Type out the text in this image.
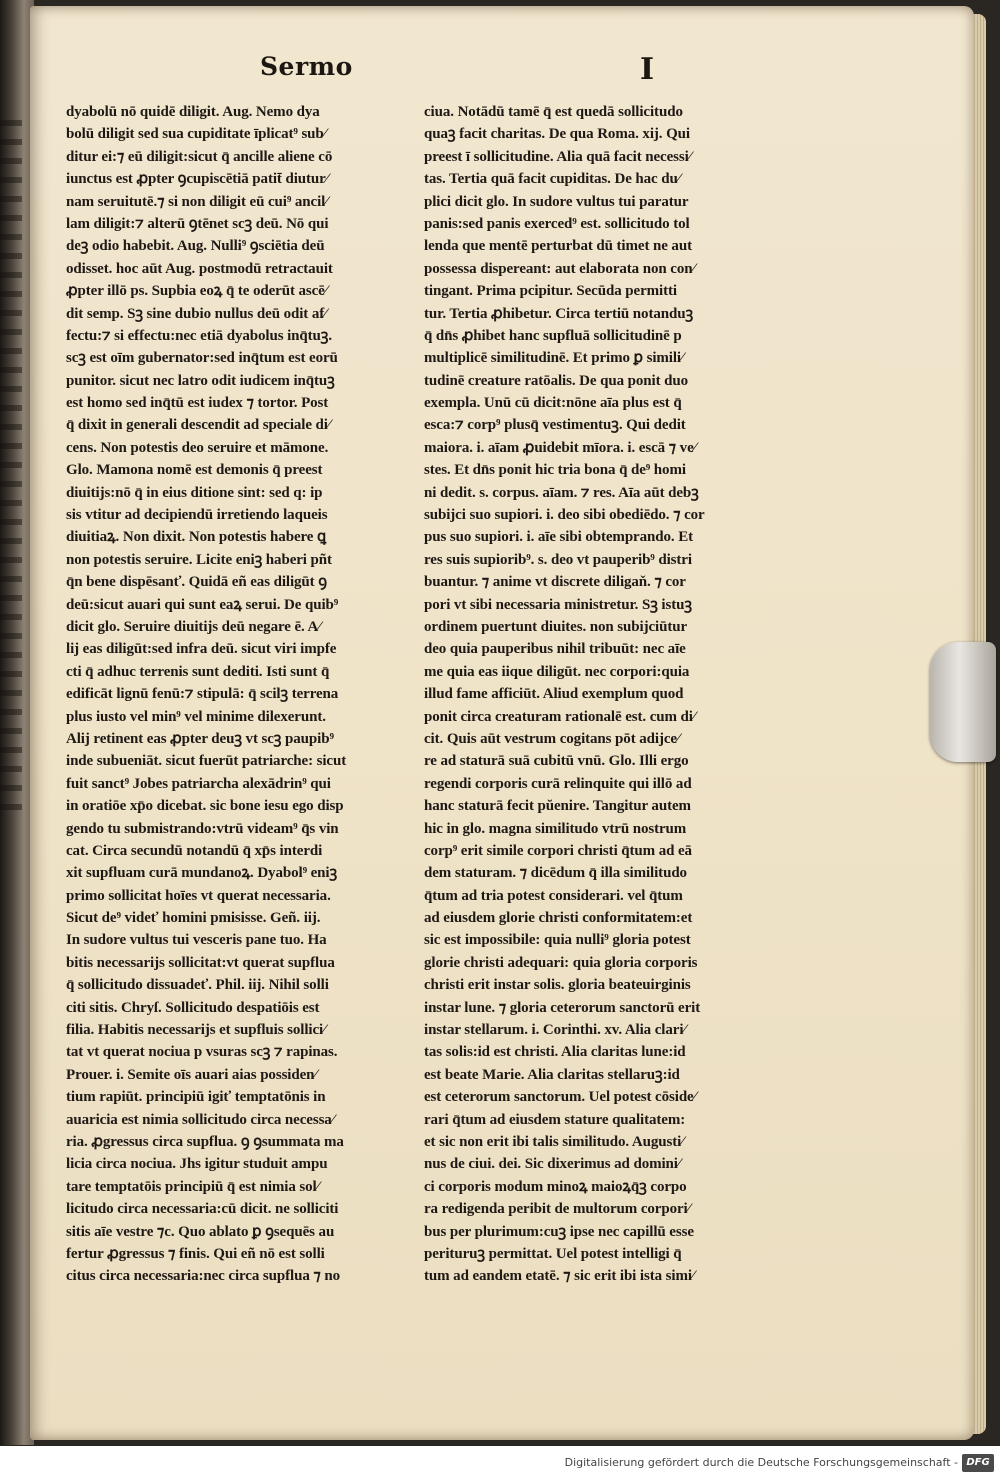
Sermo	I
dyabolū nō quidē diligit. Aug. Nemo dya
bolū diligit sed sua cupiditate īplicat⁹ sub⁄
ditur ei:⁊ eū diligit:sicut q̄ ancille aliene cō
iunctus est ꝓpter ꝯcupiscētiā patit̄ diutur⁄
nam seruitutē.⁊ si non diligit eū cui⁹ ancil⁄
lam diligit:⁊ alterū ꝯtēnet scꝫ deū. Nō qui
deꝫ odio habebit. Aug. Nulli⁹ ꝯsciētia deū
odisset. hoc aūt Aug. postmodū retractauit
ꝓpter illō ps. Supbia eoꝝ q̄ te oderūt ascē⁄
dit semp. Sꝫ sine dubio nullus deū odit af⁄
fectu:⁊ si effectu:nec etiā dyabolus inq̄tuꝫ.
scꝫ est oīm gubernator:sed inq̄tum est eorū
punitor. sicut nec latro odit iudicem inq̄tuꝫ
est homo sed inq̄tū est iudex ⁊ tortor. Post
q̄ dixit in generali descendit ad speciale di⁄
cens. Non potestis deo seruire et māmone.
Glo. Mamona nomē est demonis q̄ preest
diuitijs:nō q̄ in eius ditione sint: sed q: ip
sis vtitur ad decipiendū irretiendo laqueis
diuitiaꝝ. Non dixit. Non potestis habere ꝗ
non potestis seruire. Licite eniꝫ haberi pñt
q̄n bene dispēsanť. Quidā eñ eas diligūt ꝯ
deū:sicut auari qui sunt eaꝝ serui. De quib⁹
dicit glo. Seruire diuitijs deū negare ē. A⁄
lij eas diligūt:sed infra deū. sicut viri impfe
cti q̄ adhuc terrenis sunt dediti. Isti sunt q̄
edificāt lignū fenū:⁊ stipulā: q̄ scilꝫ terrena
plus iusto vel min⁹ vel minime dilexerunt.
Alij retinent eas ꝓpter deuꝫ vt scꝫ paupib⁹
inde subueniāt. sicut fuerūt patriarche: sicut
fuit sanct⁹ Jobes patriarcha alexādrin⁹ qui
in oratiōe xp̄o dicebat. sic bone iesu ego disp
gendo tu submistrando:vtrū videam⁹ q̄s vin
cat. Circa secundū notandū q̄ xp̄s interdi
xit supfluam curā mundanoꝝ. Dyabol⁹ eniꝫ
primo sollicitat hoīes vt querat necessaria.
Sicut de⁹ videť homini pmisisse. Geñ. iij.
In sudore vultus tui vesceris pane tuo. Ha
bitis necessarijs sollicitat:vt querat supflua
q̄ sollicitudo dissuadeť. Phil. iij. Nihil solli
citi sitis. Chryſ. Sollicitudo despatiōis est
filia. Habitis necessarijs et supfluis sollici⁄
tat vt querat nociua p vsuras scꝫ ⁊ rapinas.
Prouer. i. Semite oīs auari aias possiden⁄
tium rapiūt. principiū igiť temptatōnis in
auaricia est nimia sollicitudo circa necessa⁄
ria. ꝓgressus circa supflua. ꝯ ꝯsummata ma
licia circa nociua. Jhs igitur studuit ampu
tare temptatōis principiū q̄ est nimia sol⁄
licitudo circa necessaria:cū dicit. ne solliciti
sitis aīe vestre ⁊c. Quo ablato ꝑ ꝯsequēs au
fertur ꝓgressus ⁊ finis. Qui eñ nō est solli
citus circa necessaria:nec circa supflua ⁊ no
ciua. Notādū tamē q̄ est quedā sollicitudo
quaꝫ facit charitas. De qua Roma. xij. Qui
preest ī sollicitudine. Alia quā facit necessi⁄
tas. Tertia quā facit cupiditas. De hac du⁄
plici dicit glo. In sudore vultus tui paratur
panis:sed panis exerced⁹ est. sollicitudo tol
lenda que mentē perturbat dū timet ne aut
possessa dispereant: aut elaborata non con⁄
tingant. Prima pcipitur. Secūda permitti
tur. Tertia ꝓhibetur. Circa tertiū notanduꝫ
q̄ dn̄s ꝓhibet hanc supfluā sollicitudinē p
multiplicē similitudinē. Et primo ꝑ simili⁄
tudinē creature ratōalis. De qua ponit duo
exempla. Unū cū dicit:nōne aīa plus est q̄
esca:⁊ corp⁹ plusq̄ vestimentuꝫ. Qui dedit
maiora. i. aīam ꝓuidebit mīora. i. escā ⁊ ve⁄
stes. Et dn̄s ponit hic tria bona q̄ de⁹ homi
ni dedit. s. corpus. aīam. ⁊ res. Aīa aūt debꝫ
subijci suo supiori. i. deo sibi obediēdo. ⁊ cor
pus suo supiori. i. aīe sibi obtemprando. Et
res suis supiorib⁹. s. deo vt pauperib⁹ distri
buantur. ⁊ anime vt discrete diligaň. ⁊ cor
pori vt sibi necessaria ministretur. Sꝫ istuꝫ
ordinem puertunt diuites. non subijciūtur
deo quia pauperibus nihil tribuūt: nec aīe
me quia eas iique diligūt. nec corpori:quia
illud fame afficiūt. Aliud exemplum quod
ponit circa creaturam rationalē est. cum di⁄
cit. Quis aūt vestrum cogitans pōt adijce⁄
re ad staturā suā cubitū vnū. Glo. Illi ergo
regendi corporis curā relinquite qui illō ad
hanc staturā fecit pŭenire. Tangitur autem
hic in glo. magna similitudo vtrū nostrum
corp⁹ erit simile corpori christi q̄tum ad eā
dem staturam. ⁊ dicēdum q̄ illa similitudo
q̄tum ad tria potest considerari. vel q̄tum
ad eiusdem glorie christi conformitatem:et
sic est impossibile: quia nulli⁹ gloria potest
glorie christi adequari: quia gloria corporis
christi erit instar solis. gloria beateuirginis
instar lune. ⁊ gloria ceterorum sanctorū erit
instar stellarum. i. Corinthi. xv. Alia clari⁄
tas solis:id est christi. Alia claritas lune:id
est beate Marie. Alia claritas stellaruꝫ:id
est ceterorum sanctorum. Uel potest cōside⁄
rari q̄tum ad eiusdem stature qualitatem:
et sic non erit ibi talis similitudo. Augusti⁄
nus de ciui. dei. Sic dixerimus ad domini⁄
ci corporis modum minoꝝ maioꝝq̄ꝫ corpo
ra redigenda peribit de multorum corpori⁄
bus per plurimum:cuꝫ ipse nec capillū esse
perituruꝫ permittat. Uel potest intelligi q̄
tum ad eandem etatē. ⁊ sic erit ibi ista simi⁄
Digitalisierung gefördert durch die Deutsche Forschungsgemeinschaft - DFG
